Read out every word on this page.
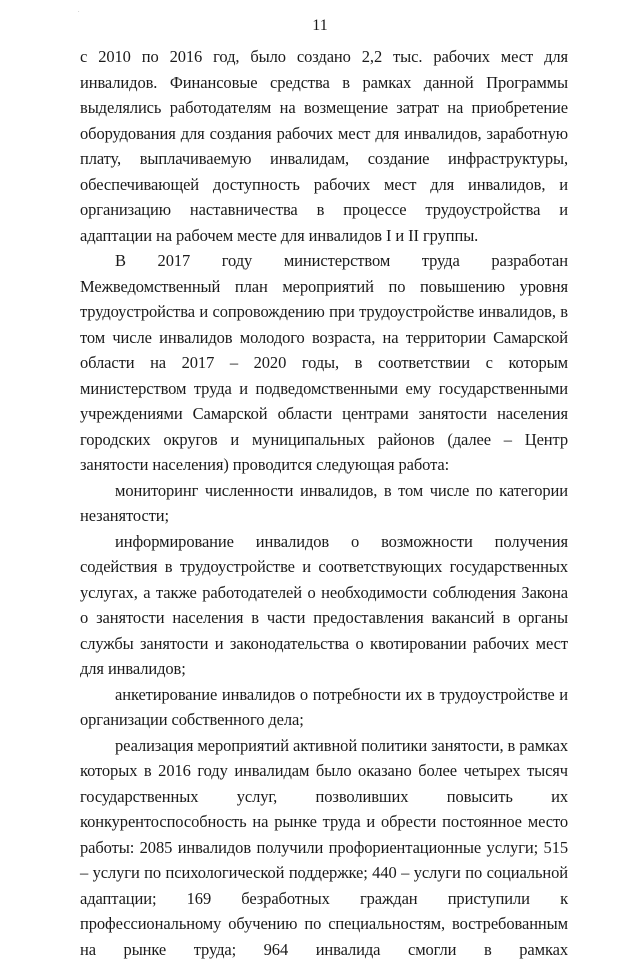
.
11

с 2010 по 2016 год, было создано 2,2 тыс. рабочих мест для инвалидов. Финансовые средства в рамках данной Программы выделялись работодателям на возмещение затрат на приобретение оборудования для создания рабочих мест для инвалидов, заработную плату, выплачиваемую инвалидам, создание инфраструктуры, обеспечивающей доступность рабочих мест для инвалидов, и организацию наставничества в процессе трудоустройства и адаптации на рабочем месте для инвалидов I и II группы.

В 2017 году министерством труда разработан Межведомственный план мероприятий по повышению уровня трудоустройства и сопровождению при трудоустройстве инвалидов, в том числе инвалидов молодого возраста, на территории Самарской области на 2017 – 2020 годы, в соответствии с которым министерством труда и подведомственными ему государственными учреждениями Самарской области центрами занятости населения городских округов и муниципальных районов (далее – Центр занятости населения) проводится следующая работа:

мониторинг численности инвалидов, в том числе по категории незанятости;

информирование инвалидов о возможности получения содействия в трудоустройстве и соответствующих государственных услугах, а также работодателей о необходимости соблюдения Закона о занятости населения в части предоставления вакансий в органы службы занятости и законодательства о квотировании рабочих мест для инвалидов;

анкетирование инвалидов о потребности их в трудоустройстве и организации собственного дела;

реализация мероприятий активной политики занятости, в рамках которых в 2016 году инвалидам было оказано более четырех тысяч государственных услуг, позволивших повысить их конкурентоспособность на рынке труда и обрести постоянное место работы: 2085 инвалидов получили профориентационные услуги; 515 – услуги по психологической поддержке; 440 – услуги по социальной адаптации; 169 безработных граждан приступили к профессиональному обучению по специальностям, востребованным на рынке труда; 964 инвалида смогли в рамках
